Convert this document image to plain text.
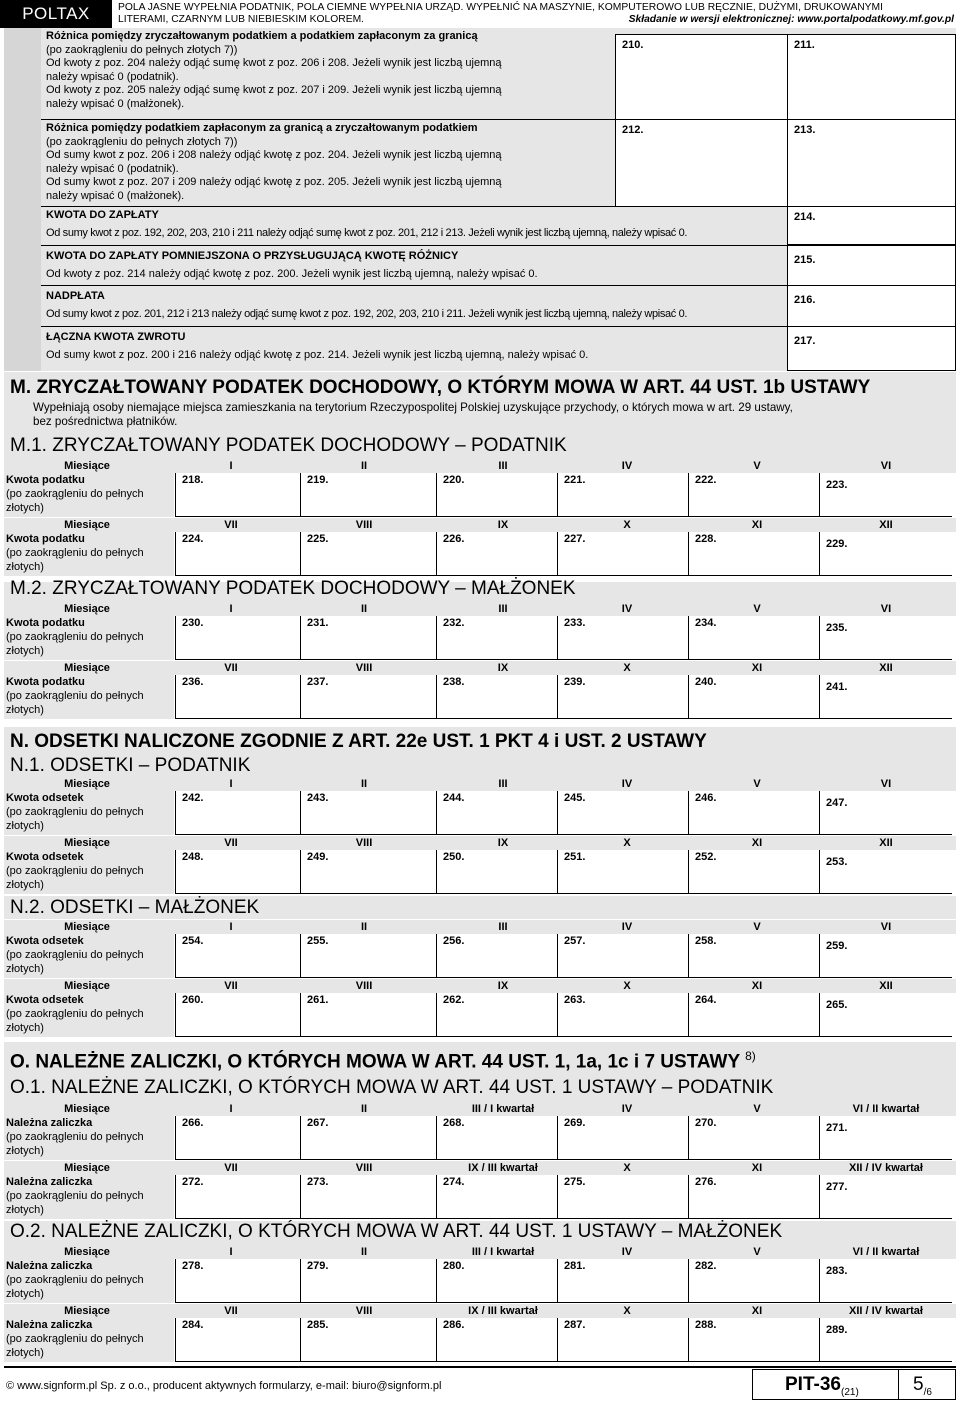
POLTAX	POLA JASNE WYPEŁNIA PODATNIK, POLA CIEMNE WYPEŁNIA URZĄD. WYPEŁNIĆ NA MASZYNIE, KOMPUTEROWO LUB RĘCZNIE, DUŻYMI, DRUKOWANYMI
LITERAMI, CZARNYM LUB NIEBIESKIM KOLOREM.	Składanie w wersji elektronicznej: www.portalpodatkowy.mf.gov.pl
Różnica pomiędzy zryczałtowanym podatkiem a podatkiem zapłaconym za granicą
(po zaokrągleniu do pełnych złotych 7))
Od kwoty z poz. 204 należy odjąć sumę kwot z poz. 206 i 208. Jeżeli wynik jest liczbą ujemną
należy wpisać 0 (podatnik).
Od kwoty z poz. 205 należy odjąć sumę kwot z poz. 207 i 209. Jeżeli wynik jest liczbą ujemną
należy wpisać 0 (małżonek).
210.	211.
Różnica pomiędzy podatkiem zapłaconym za granicą a zryczałtowanym podatkiem
(po zaokrągleniu do pełnych złotych 7))
Od sumy kwot z poz. 206 i 208 należy odjąć kwotę z poz. 204. Jeżeli wynik jest liczbą ujemną
należy wpisać 0 (podatnik).
Od sumy kwot z poz. 207 i 209 należy odjąć kwotę z poz. 205. Jeżeli wynik jest liczbą ujemną
należy wpisać 0 (małżonek).
212.	213.
KWOTA DO ZAPŁATY
Od sumy kwot z poz. 192, 202, 203, 210 i 211 należy odjąć sumę kwot z poz. 201, 212 i 213. Jeżeli wynik jest liczbą ujemną, należy wpisać 0.
214.
KWOTA DO ZAPŁATY POMNIEJSZONA O PRZYSŁUGUJĄCĄ KWOTĘ RÓŻNICY
Od kwoty z poz. 214 należy odjąć kwotę z poz. 200. Jeżeli wynik jest liczbą ujemną, należy wpisać 0.
$_{215.}$
NADPŁATA
Od sumy kwot z poz. 201, 212 i 213 należy odjąć sumę kwot z poz. 192, 202, 203, 210 i 211. Jeżeli wynik jest liczbą ujemną, należy wpisać 0.
$_{216.}$
ŁĄCZNA KWOTA ZWROTU
Od sumy kwot z poz. 200 i 216 należy odjąć kwotę z poz. 214. Jeżeli wynik jest liczbą ujemną, należy wpisać 0.
$_{217.}$
M. ZRYCZAŁTOWANY PODATEK DOCHODOWY, O KTÓRYM MOWA W ART. 44 UST. 1b USTAWY
Wypełniają osoby niemające miejsca zamieszkania na terytorium Rzeczypospolitej Polskiej uzyskujące przychody, o których mowa w art. 29 ustawy,
bez pośrednictwa płatników.
M.1. ZRYCZAŁTOWANY PODATEK DOCHODOWY – PODATNIK
Miesiące	I	II	III	IV	V	VI
Kwota podatku
(po zaokrągleniu do pełnych
złotych)
218.	219.	220.	221.	222.	223.
Miesiące	VII	VIII	IX	X	XI	XII
Kwota podatku
(po zaokrągleniu do pełnych
złotych)
224.	225.	226.	227.	228.	229.
M.2. ZRYCZAŁTOWANY PODATEK DOCHODOWY – MAŁŻONEK
Miesiące	I	II	III	IV	V	VI
Kwota podatku
(po zaokrągleniu do pełnych
złotych)
230.	231.	232.	233.	234.	235.
Miesiące	VII	VIII	IX	X	XI	XII
Kwota podatku
(po zaokrągleniu do pełnych
złotych)
236.	237.	238.	239.	240.	241.
N. ODSETKI NALICZONE ZGODNIE Z ART. 22e UST. 1 PKT 4 i UST. 2 USTAWY
N.1. ODSETKI – PODATNIK
Miesiące	I	II	III	IV	V	VI
Kwota odsetek
(po zaokrągleniu do pełnych
złotych)
242.	243.	244.	245.	246.	247.
Miesiące	VII	VIII	IX	X	XI	XII
Kwota odsetek
(po zaokrągleniu do pełnych
złotych)
248.	249.	250.	251.	252.	253.
N.2. ODSETKI – MAŁŻONEK
Miesiące	I	II	III	IV	V	VI
Kwota odsetek
(po zaokrągleniu do pełnych
złotych)
254.	255.	256.	257.	258.	259.
Miesiące	VII	VIII	IX	X	XI	XII
Kwota odsetek
(po zaokrągleniu do pełnych
złotych)
260.	261.	262.	263.	264.	265.
O. NALEŻNE ZALICZKI, O KTÓRYCH MOWA W ART. 44 UST. 1, 1a, 1c i 7 USTAWY $^{8)}$
O.1. NALEŻNE ZALICZKI, O KTÓRYCH MOWA W ART. 44 UST. 1 USTAWY – PODATNIK
Miesiące	I	II	III / I kwartał	IV	V	VI / II kwartał
Należna zaliczka
(po zaokrągleniu do pełnych
złotych)
266.	267.	268.	269.	270.	271.
Miesiące	VII	VIII	IX / III kwartał	X	XI	XII / IV kwartał
Należna zaliczka
(po zaokrągleniu do pełnych
złotych)
272.	273.	274.	275.	276.	277.
O.2. NALEŻNE ZALICZKI, O KTÓRYCH MOWA W ART. 44 UST. 1 USTAWY – MAŁŻONEK
Miesiące	I	II	III / I kwartał	IV	V	VI / II kwartał
Należna zaliczka
(po zaokrągleniu do pełnych
złotych)
278.	279.	280.	281.	282.	283.
Miesiące	VII	VIII	IX / III kwartał	X	XI	XII / IV kwartał
Należna zaliczka
(po zaokrągleniu do pełnych
złotych)
284.	285.	286.	287.	288.	289.
© www.signform.pl Sp. z o.o., producent aktywnych formularzy, e-mail: biuro@signform.pl	PIT-$36_{(21)}$	$5_{/6}$
